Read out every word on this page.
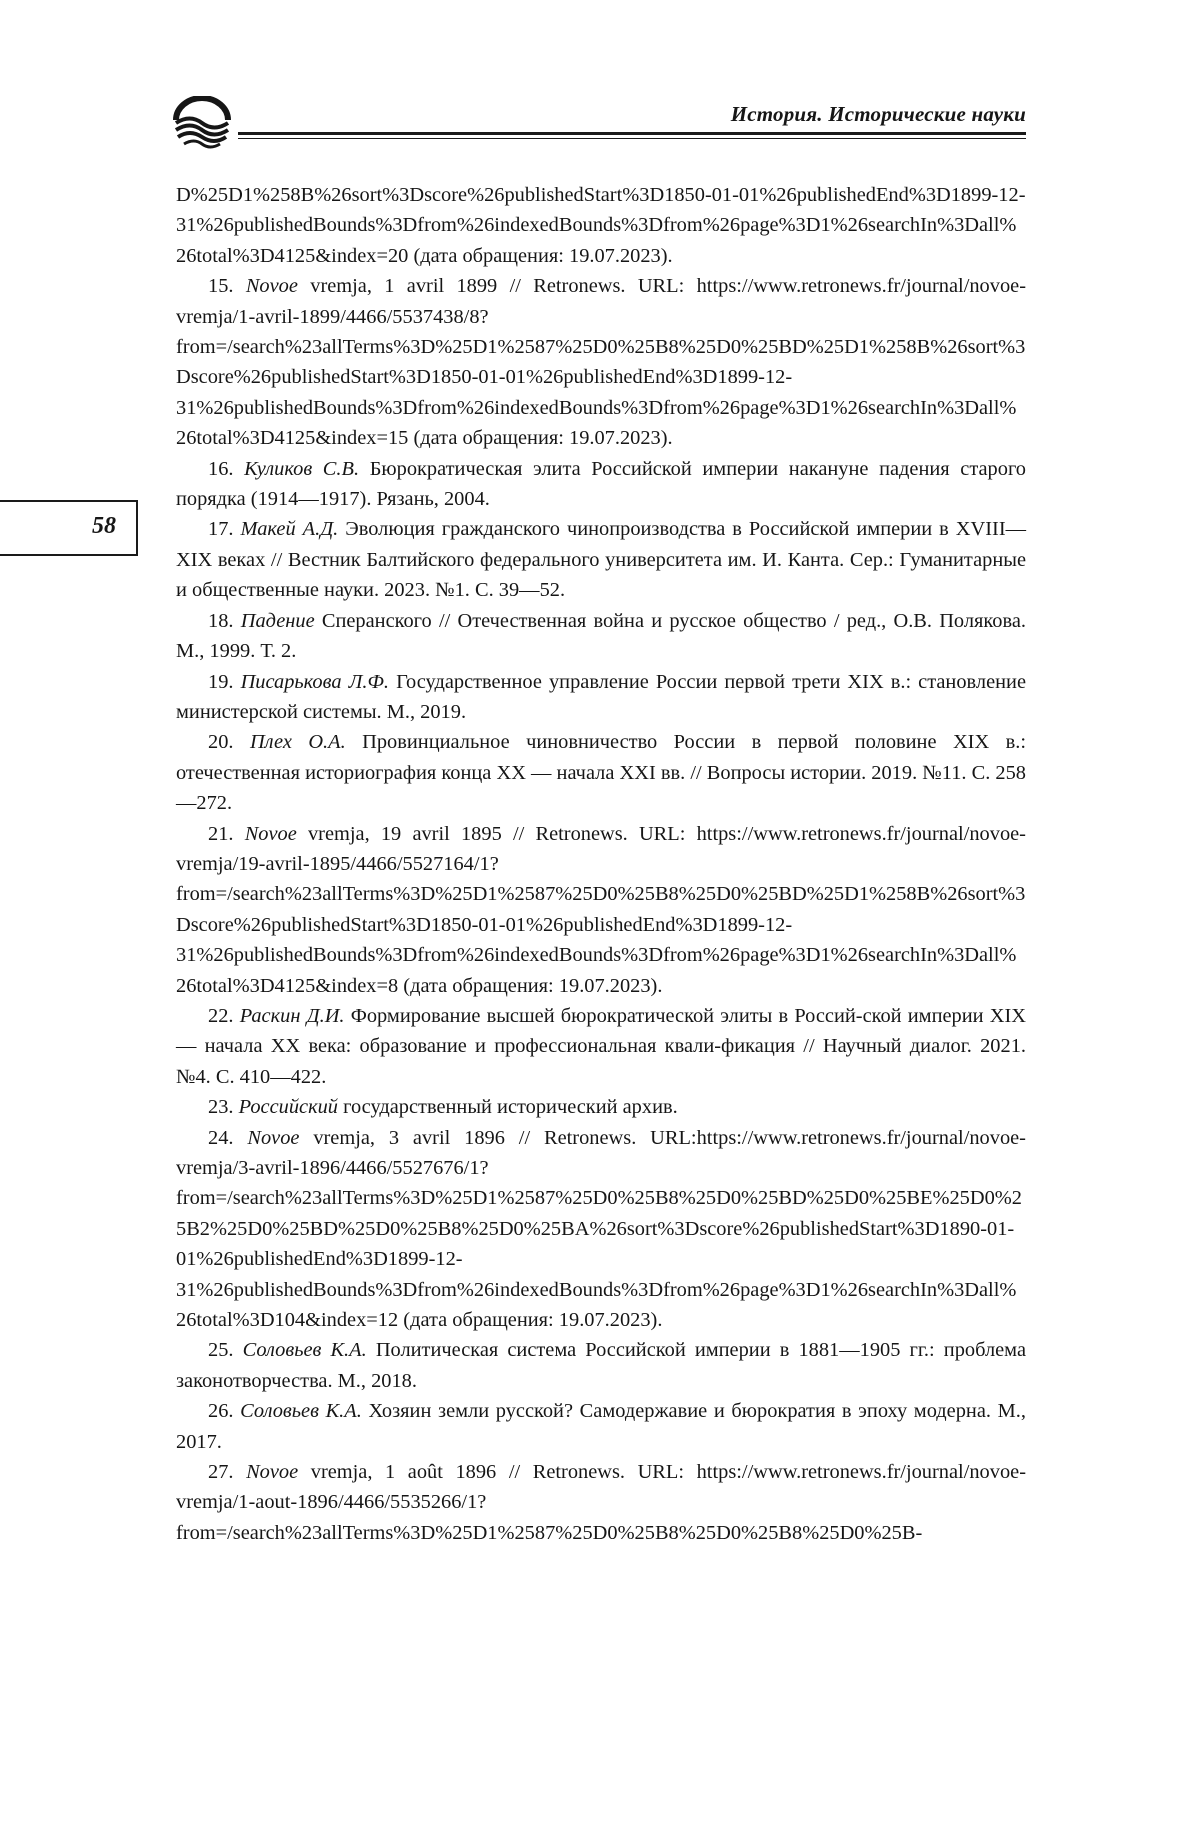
История. Исторические науки
58

D%25D1%258B%26sort%3Dscore%26publishedStart%3D1850-01-01%26publishedEnd%3D1899-12-31%26publishedBounds%3Dfrom%26indexedBounds%3Dfrom%26page%3D1%26searchIn%3Dall%26total%3D4125&index=20 (дата обращения: 19.07.2023).

15. Novoe vremja, 1 avril 1899 // Retronews. URL: https://www.retronews.fr/journal/novoe-vremja/1-avril-1899/4466/5537438/8?from=/search%23allTerms%3D%25D1%2587%25D0%25B8%25D0%25BD%25D1%258B%26sort%3Dscore%26publishedStart%3D1850-01-01%26publishedEnd%3D1899-12-31%26publishedBounds%3Dfrom%26indexedBounds%3Dfrom%26page%3D1%26searchIn%3Dall%26total%3D4125&index=15 (дата обращения: 19.07.2023).

16. Куликов С.В. Бюрократическая элита Российской империи накануне падения старого порядка (1914—1917). Рязань, 2004.

17. Макей А.Д. Эволюция гражданского чинопроизводства в Российской империи в XVIII—XIX веках // Вестник Балтийского федерального университета им. И. Канта. Сер.: Гуманитарные и общественные науки. 2023. №1. С. 39—52.

18. Падение Сперанского // Отечественная война и русское общество / ред., О.В. Полякова. М., 1999. Т. 2.

19. Писарькова Л.Ф. Государственное управление России первой трети XIX в.: становление министерской системы. М., 2019.

20. Плех О.А. Провинциальное чиновничество России в первой половине XIX в.: отечественная историография конца XX — начала XXI вв. // Вопросы истории. 2019. №11. С. 258—272.

21. Novoe vremja, 19 avril 1895 // Retronews. URL: https://www.retronews.fr/journal/novoe-vremja/19-avril-1895/4466/5527164/1?from=/search%23allTerms%3D%25D1%2587%25D0%25B8%25D0%25BD%25D1%258B%26sort%3Dscore%26publishedStart%3D1850-01-01%26publishedEnd%3D1899-12-31%26publishedBounds%3Dfrom%26indexedBounds%3Dfrom%26page%3D1%26searchIn%3Dall%26total%3D4125&index=8 (дата обращения: 19.07.2023).

22. Раскин Д.И. Формирование высшей бюрократической элиты в Россий-ской империи XIX — начала XX века: образование и профессиональная квали-фикация // Научный диалог. 2021. №4. С. 410—422.

23. Российский государственный исторический архив.

24. Novoe vremja, 3 avril 1896 // Retronews. URL:https://www.retronews.fr/journal/novoe-vremja/3-avril-1896/4466/5527676/1?from=/search%23allTerms%3D%25D1%2587%25D0%25B8%25D0%25BD%25D0%25BE%25D0%25B2%25D0%25BD%25D0%25B8%25D0%25BA%26sort%3Dscore%26publishedStart%3D1890-01-01%26publishedEnd%3D1899-12-31%26publishedBounds%3Dfrom%26indexedBounds%3Dfrom%26page%3D1%26searchIn%3Dall%26total%3D104&index=12 (дата обращения: 19.07.2023).

25. Соловьев К.А. Политическая система Российской империи в 1881—1905 гг.: проблема законотворчества. М., 2018.

26. Соловьев К.А. Хозяин земли русской? Самодержавие и бюрократия в эпоху модерна. М., 2017.

27. Novoe vremja, 1 août 1896 // Retronews. URL: https://www.retronews.fr/journal/novoe-vremja/1-aout-1896/4466/5535266/1?from=/search%23allTerms%3D%25D1%2587%25D0%25B8%25D0%25B8%25D0%25B-
